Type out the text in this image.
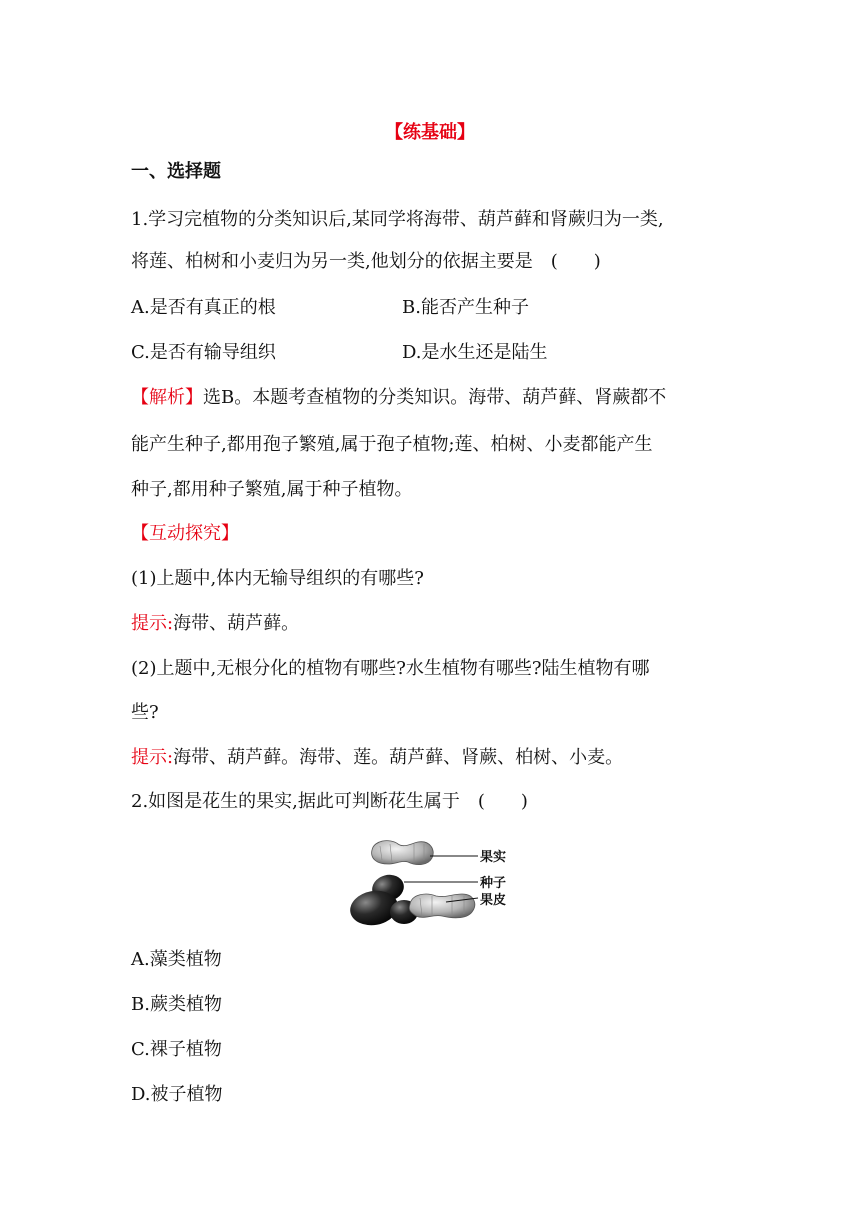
【练基础】
一、选择题
1.学习完植物的分类知识后,某同学将海带、葫芦藓和肾蕨归为一类,
将莲、柏树和小麦归为另一类,他划分的依据主要是　(　　)
A.是否有真正的根	B.能否产生种子
C.是否有输导组织	D.是水生还是陆生
【解析】选B。本题考查植物的分类知识。海带、葫芦藓、肾蕨都不
能产生种子,都用孢子繁殖,属于孢子植物;莲、柏树、小麦都能产生
种子,都用种子繁殖,属于种子植物。
【互动探究】
(1)上题中,体内无输导组织的有哪些?
提示:海带、葫芦藓。
(2)上题中,无根分化的植物有哪些?水生植物有哪些?陆生植物有哪
些?
提示:海带、葫芦藓。海带、莲。葫芦藓、肾蕨、柏树、小麦。
2.如图是花生的果实,据此可判断花生属于　(　　)
果实
种子
果皮
A.藻类植物
B.蕨类植物
C.裸子植物
D.被子植物
